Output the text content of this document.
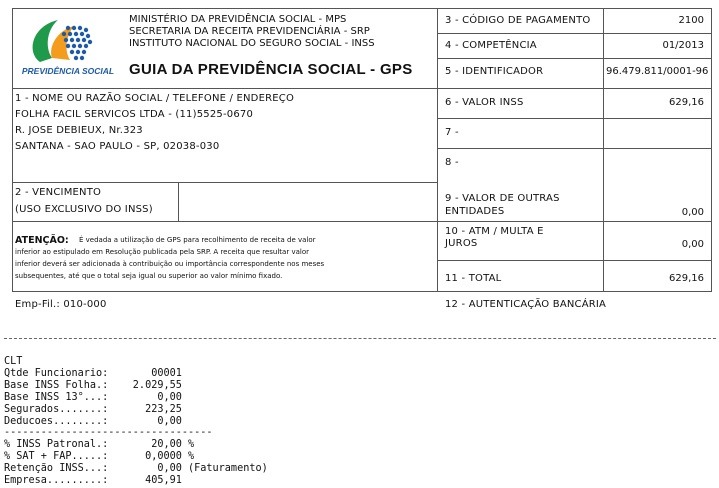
PREVIDÊNCIA SOCIAL
MINISTÉRIO DA PREVIDÊNCIA SOCIAL - MPS
SECRETARIA DA RECEITA PREVIDENCIÁRIA - SRP
INSTITUTO NACIONAL DO SEGURO SOCIAL - INSS
GUIA DA PREVIDÊNCIA SOCIAL - GPS
3 - CÓDIGO DE PAGAMENTO	2100
4 - COMPETÊNCIA	01/2013
5 - IDENTIFICADOR	96.479.811/0001-96
6 - VALOR INSS	629,16
7 -
8 -
9 - VALOR DE OUTRAS
ENTIDADES	0,00
10 - ATM / MULTA E
JUROS	0,00
11 - TOTAL	629,16
12 - AUTENTICAÇÃO BANCÁRIA
1 - NOME OU RAZÃO SOCIAL / TELEFONE / ENDEREÇO
FOLHA FACIL SERVICOS LTDA - (11)5525-0670
R. JOSE DEBIEUX, Nr.323
SANTANA - SAO PAULO - SP, 02038-030
2 - VENCIMENTO
(USO EXCLUSIVO DO INSS)
ATENÇÃO: É vedada a utilização de GPS para recolhimento de receita de valor
inferior ao estipulado em Resolução publicada pela SRP. A receita que resultar valor
inferior deverá ser adicionada à contribuição ou importância correspondente nos meses
subsequentes, até que o total seja igual ou superior ao valor mínimo fixado.
Emp-Fil.: 010-000
CLT
Qtde Funcionario:       00001
Base INSS Folha.:    2.029,55
Base INSS 13°...:        0,00
Segurados.......:      223,25
Deducoes........:        0,00
----------------------------------
% INSS Patronal.:       20,00 %
% SAT + FAP.....:      0,0000 %
Retenção INSS...:        0,00 (Faturamento)
Empresa.........:      405,91
